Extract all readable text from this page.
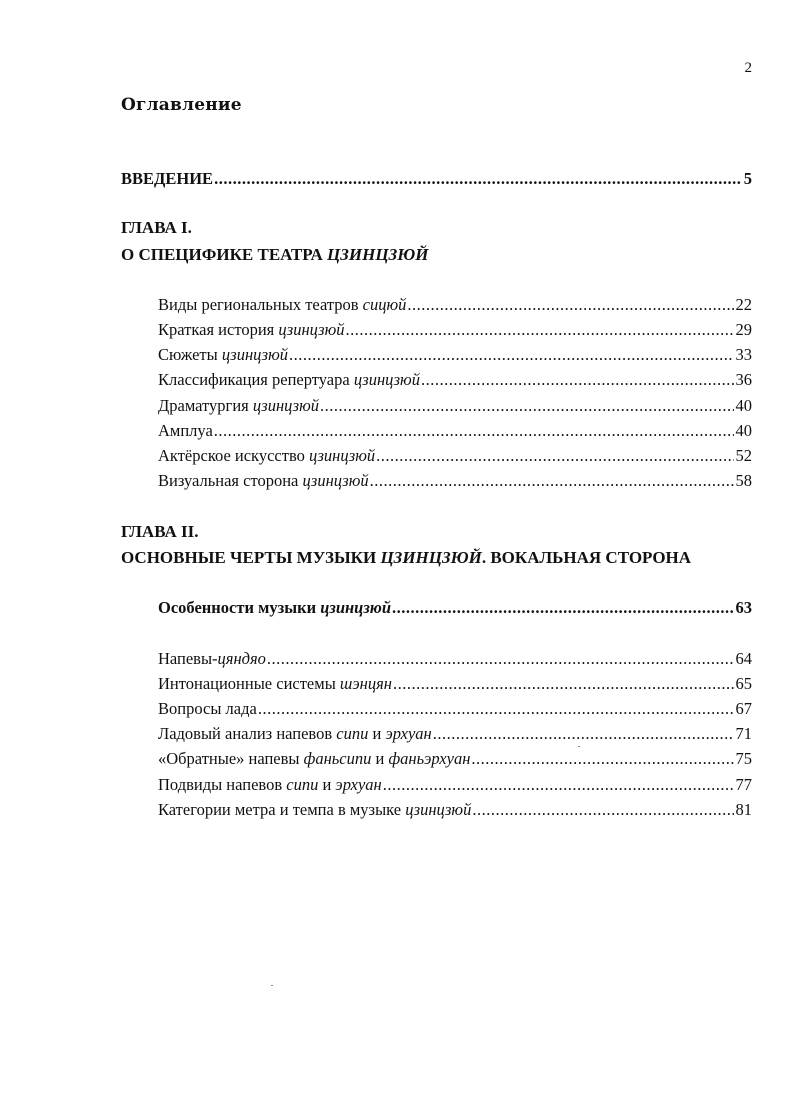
2
Оглавление
ВВЕДЕНИЕ .....	5
ГЛАВА I.
О СПЕЦИФИКЕ ТЕАТРА ЦЗИНЦЗЮЙ
Виды региональных театров сицюй .....	22
Краткая история цзинцзюй .....	29
Сюжеты цзинцзюй .....	33
Классификация репертуара цзинцзюй .....	36
Драматургия цзинцзюй .....	40
Амплуа .....	40
Актёрское искусство цзинцзюй .....	52
Визуальная сторона цзинцзюй .....	58
ГЛАВА II.
ОСНОВНЫЕ ЧЕРТЫ МУЗЫКИ ЦЗИНЦЗЮЙ. ВОКАЛЬНАЯ СТОРОНА
Особенности музыки цзинцзюй .....	63
Напевы-цяндяо .....	64
Интонационные системы шэнцян .....	65
Вопросы лада .....	67
Ладовый анализ напевов сипи и эрхуан .....	71
«Обратные» напевы фаньсипи и фаньэрхуан .....	75
Подвиды напевов сипи и эрхуан .....	77
Категории метра и темпа в музыке цзинцзюй .....	81
